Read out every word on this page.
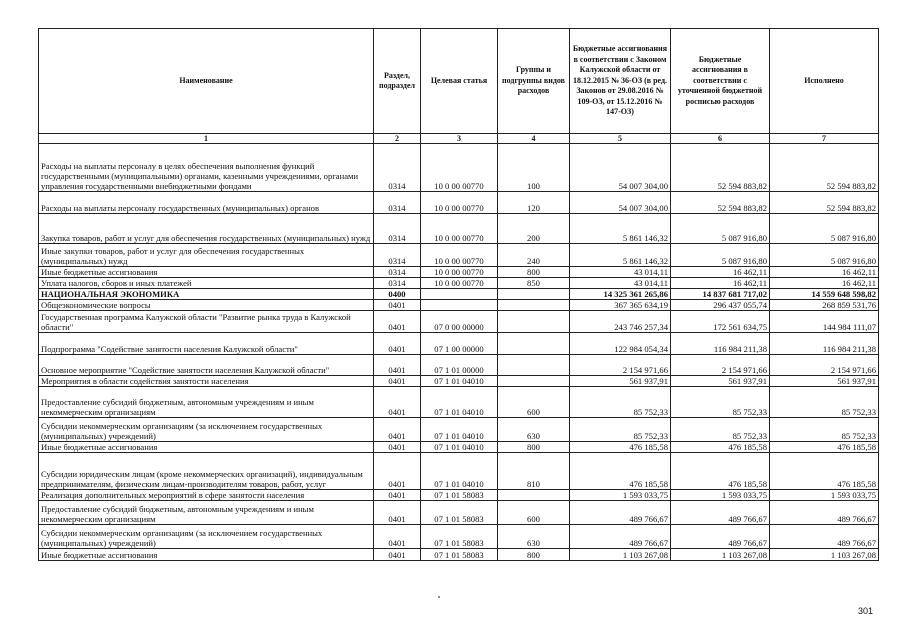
Наименование	Раздел, подраздел	Целевая статья	Группы и подгруппы видов расходов	Бюджетные ассигнования в соответствии с Законом Калужской области от 18.12.2015 № 36-ОЗ (в ред. Законов от 29.08.2016 № 109-ОЗ, от 15.12.2016 № 147-ОЗ)	Бюджетные ассигнования в соответствии с уточненной бюджетной росписью расходов	Исполнено
1	2	3	4	5	6	7
Расходы на выплаты персоналу в целях обеспечения выполнения функций государственными (муниципальными) органами, казенными учреждениями, органами управления государственными внебюджетными фондами	0314	10 0 00 00770	100	54 007 304,00	52 594 883,82	52 594 883,82
Расходы на выплаты персоналу государственных (муниципальных) органов	0314	10 0 00 00770	120	54 007 304,00	52 594 883,82	52 594 883,82
Закупка товаров, работ и услуг для обеспечения государственных (муниципальных) нужд	0314	10 0 00 00770	200	5 861 146,32	5 087 916,80	5 087 916,80
Иные закупки товаров, работ и услуг для обеспечения государственных (муниципальных) нужд	0314	10 0 00 00770	240	5 861 146,32	5 087 916,80	5 087 916,80
Иные бюджетные ассигнования	0314	10 0 00 00770	800	43 014,11	16 462,11	16 462,11
Уплата налогов, сборов и иных платежей	0314	10 0 00 00770	850	43 014,11	16 462,11	16 462,11
НАЦИОНАЛЬНАЯ ЭКОНОМИКА	0400			14 325 361 265,86	14 837 681 717,02	14 559 648 598,82
Общеэкономические вопросы	0401			367 365 634,19	296 437 055,74	268 859 531,76
Государственная программа Калужской области "Развитие рынка труда в Калужской области"	0401	07 0 00 00000		243 746 257,34	172 561 634,75	144 984 111,07
Подпрограмма "Содействие занятости населения Калужской области"	0401	07 1 00 00000		122 984 054,34	116 984 211,38	116 984 211,38
Основное мероприятие "Содействие занятости населения Калужской области"	0401	07 1 01 00000		2 154 971,66	2 154 971,66	2 154 971,66
Мероприятия в области содействия занятости населения	0401	07 1 01 04010		561 937,91	561 937,91	561 937,91
Предоставление субсидий бюджетным, автономным учреждениям и иным некоммерческим организациям	0401	07 1 01 04010	600	85 752,33	85 752,33	85 752,33
Субсидии некоммерческим организациям (за исключением государственных (муниципальных) учреждений)	0401	07 1 01 04010	630	85 752,33	85 752,33	85 752,33
Иные бюджетные ассигнования	0401	07 1 01 04010	800	476 185,58	476 185,58	476 185,58
Субсидии юридическим лицам (кроме некоммерческих организаций), индивидуальным предпринимателям, физическим лицам-производителям товаров, работ, услуг	0401	07 1 01 04010	810	476 185,58	476 185,58	476 185,58
Реализация дополнительных мероприятий в сфере занятости населения	0401	07 1 01 58083		1 593 033,75	1 593 033,75	1 593 033,75
Предоставление субсидий бюджетным, автономным учреждениям и иным некоммерческим организациям	0401	07 1 01 58083	600	489 766,67	489 766,67	489 766,67
Субсидии некоммерческим организациям (за исключением государственных (муниципальных) учреждений)	0401	07 1 01 58083	630	489 766,67	489 766,67	489 766,67
Иные бюджетные ассигнования	0401	07 1 01 58083	800	1 103 267,08	1 103 267,08	1 103 267,08
301
